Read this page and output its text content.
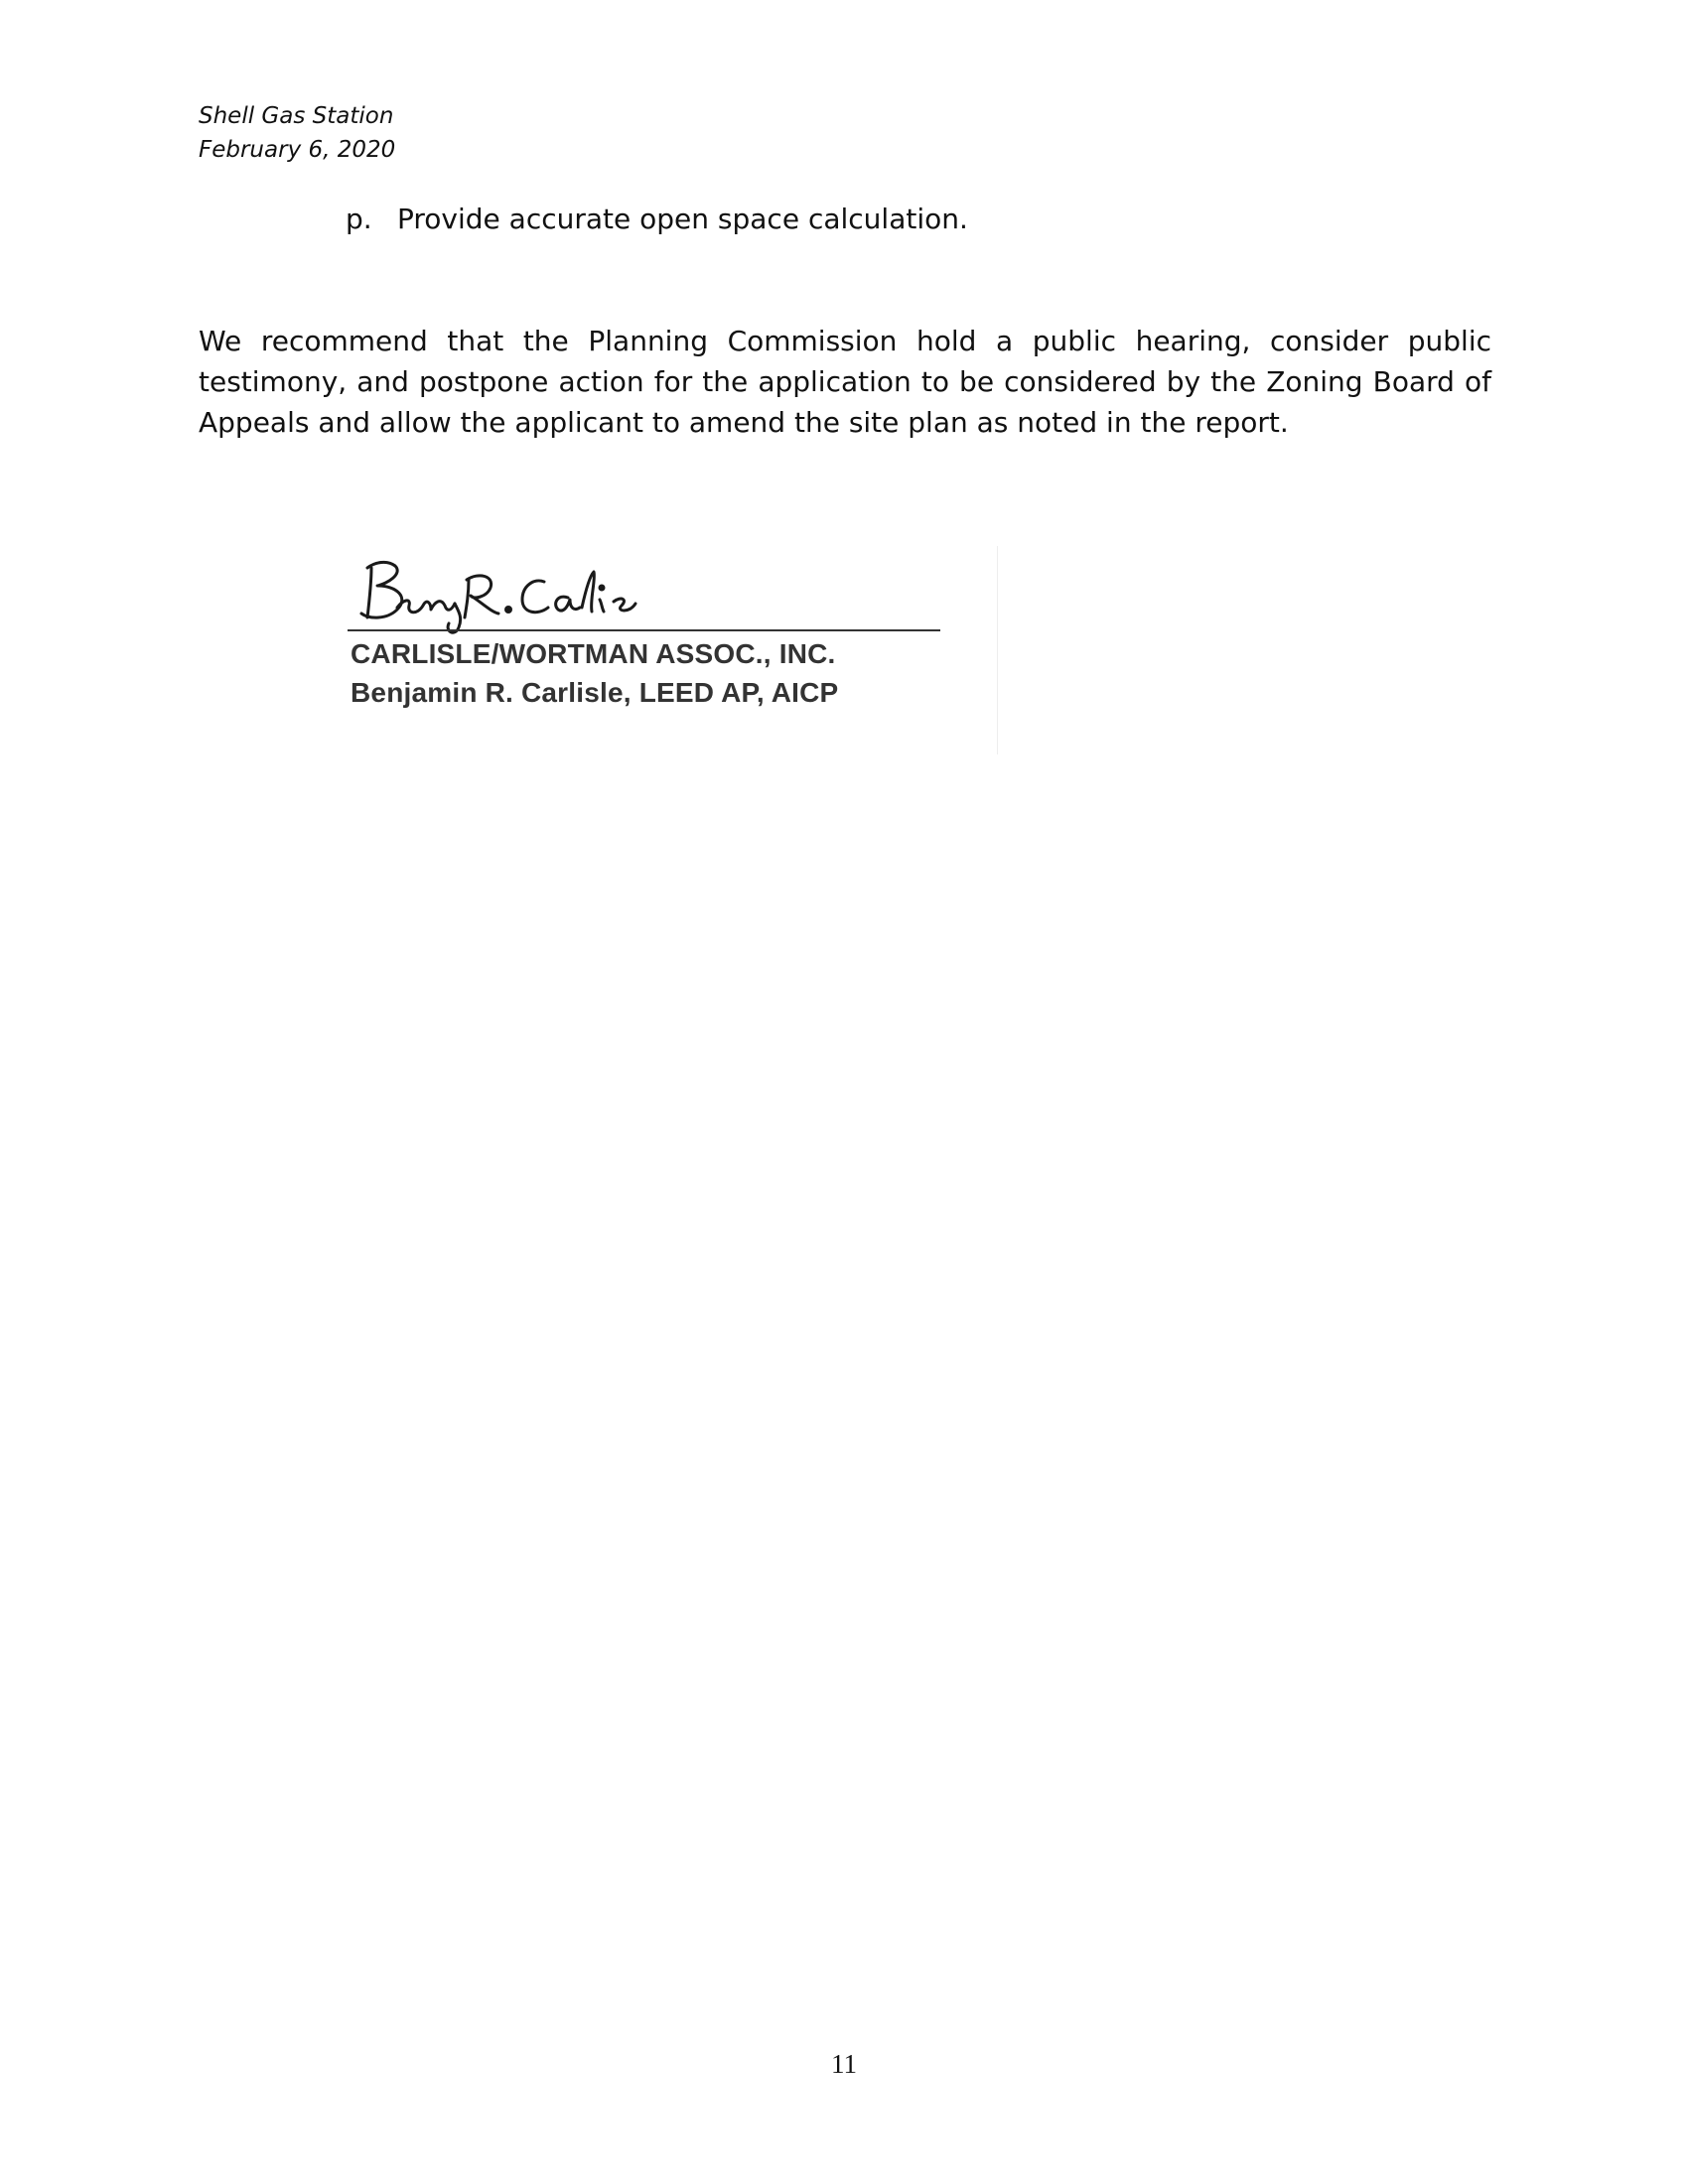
Shell Gas Station
February 6, 2020
p. Provide accurate open space calculation.
We recommend that the Planning Commission hold a public hearing, consider public testimony, and postpone action for the application to be considered by the Zoning Board of Appeals and allow the applicant to amend the site plan as noted in the report.
CARLISLE/WORTMAN ASSOC., INC.
Benjamin R. Carlisle, LEED AP, AICP
11
